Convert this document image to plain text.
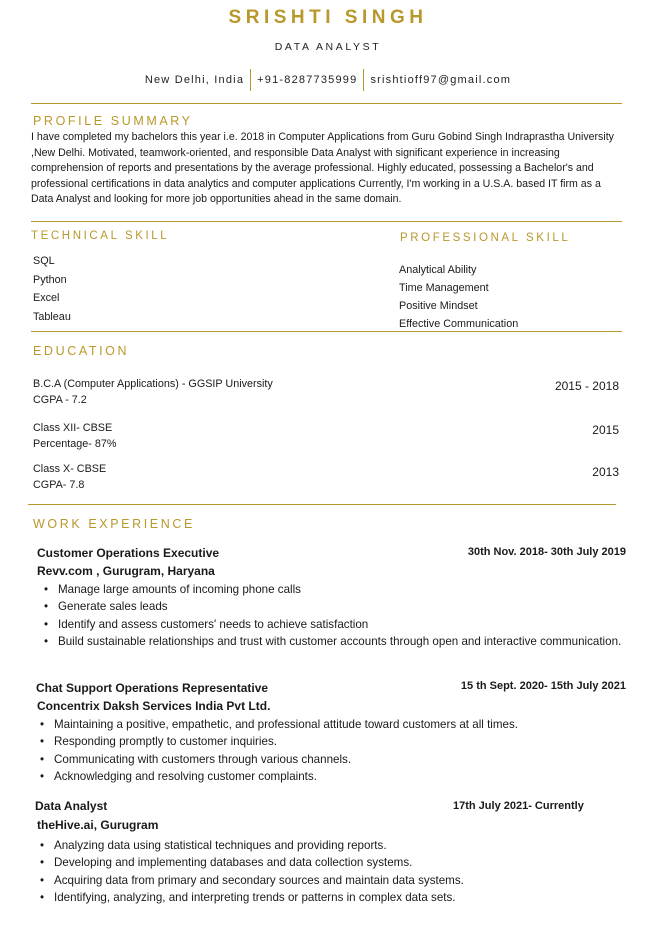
SRISHTI SINGH
DATA ANALYST
New Delhi, India +91-8287735999 srishtioff97@gmail.com
PROFILE SUMMARY
I have completed my bachelors this year i.e. 2018 in Computer Applications from Guru Gobind Singh Indraprastha University ,New Delhi. Motivated, teamwork-oriented, and responsible Data Analyst with significant experience in increasing comprehension of reports and presentations by the average professional. Highly educated, possessing a Bachelor's and professional certifications in data analytics and computer applications Currently, I'm working in a U.S.A. based IT firm as a Data Analyst and looking for more job opportunities ahead in the same domain.
TECHNICAL SKILL
SQL
Python
Excel
Tableau
PROFESSIONAL SKILL
Analytical Ability
Time Management
Positive Mindset
Effective Communication
EDUCATION
B.C.A (Computer Applications) - GGSIP University
CGPA - 7.2
2015 - 2018
Class XII- CBSE
Percentage- 87%
2015
Class X- CBSE
CGPA- 7.8
2013
WORK EXPERIENCE
Customer Operations Executive	30th Nov. 2018- 30th July 2019
Revv.com , Gurugram, Haryana
• Manage large amounts of incoming phone calls
• Generate sales leads
• Identify and assess customers' needs to achieve satisfaction
• Build sustainable relationships and trust with customer accounts through open and interactive communication.
Chat Support Operations Representative	15 th Sept. 2020- 15th July 2021
Concentrix Daksh Services India Pvt Ltd.
• Maintaining a positive, empathetic, and professional attitude toward customers at all times.
• Responding promptly to customer inquiries.
• Communicating with customers through various channels.
• Acknowledging and resolving customer complaints.
Data Analyst	17th July 2021- Currently
theHive.ai, Gurugram
• Analyzing data using statistical techniques and providing reports.
• Developing and implementing databases and data collection systems.
• Acquiring data from primary and secondary sources and maintain data systems.
• Identifying, analyzing, and interpreting trends or patterns in complex data sets.
